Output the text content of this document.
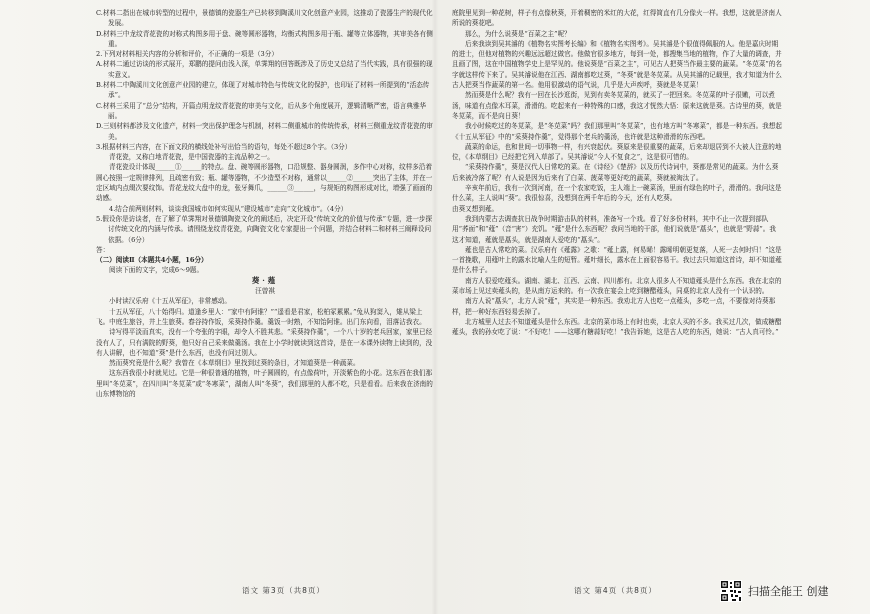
C.材料二指出在城市转型的过程中，景德镇的瓷器生产已转移到陶溪川文化创意产业园，这推动了瓷器生产的现代化发展。

D.材料三中龙纹青花瓷的对称式构图多用于盘、碗等圆形器物，均衡式构图多用于瓶、罐等立体器物，其审美各有侧重。

2.下列对材料相关内容的分析和评价，不正确的一项是（3分）

A.材料二通过访谈的形式展开，郑鹏的提问由浅入深，单霁翔的回答既涉及了历史又总结了当代实践，具有很强的现实意义。

B.材料二中陶溪川文化创意产业园的建立，体现了对城市特色与传统文化的保护，也印证了材料一所提到的“活态传承”。

C.材料三采用了“总分”结构，开篇点明龙纹青花瓷的审美与文化，后从多个角度展开，逻辑清晰严密，语言典雅华丽。

D.三则材料都涉及文化遗产，材料一突出保护理念与机制，材料二侧重城市的传统传承，材料三侧重龙纹青花瓷的审美。

3.根据材料三内容，在下面文段的横线处补写出恰当的语句，每处不超过8个字。（3分）

青花瓷，又称白地青花瓷，是中国瓷器的主流品种之一。

青花瓷设计体现______①______的特点。盘、碗等圆形器物，口沿规整、器身圆润，多作中心对称，纹样多沿着圆心按照一定规律排列，且疏密有致；瓶、罐等器物，不少造型不对称，通常以______②______突出了主体，并在一定区域内点缀次要纹饰。青花龙纹大盘中的龙，张牙舞爪，______③______，与规矩的构图形成对比，增强了画面的动感。

4.结合前两则材料，谈谈我国城市如何实现从“建设城市”走向“文化城市”。（4分）

5.假设你是访谈者，在了解了单霁翔对景德镇陶瓷文化的阐述后，决定开设“传统文化的价值与传承”专题，进一步探讨传统文化的内涵与传承。请围绕龙纹青花瓷，向陶瓷文化专家提出一个问题，并结合材料二和材料三阐释设问依据。（6分）

答：

（二）阅读Ⅱ（本题共4小题，16分）

阅读下面的文字，完成6～9题。

葵·薤

汪曾祺

小时读汉乐府《十五从军征》，非常感动。

十五从军征，八十始得归。道逢乡里人：“家中有阿谁？”“遥看是君家，松柏冢累累。”兔从狗窦入，雉从梁上飞。中庭生旅谷，井上生旅葵。舂谷持作饭，采葵持作羹。羹饭一时熟，不知饴阿谁。出门东向看，泪落沾我衣。

诗写得平淡而真实，没有一个夸张的字眼，却令人不胜其悲。“采葵持作羹”，一个八十岁的老兵回家，家里已经没有人了，只有满院的野葵，他只好自己采来做羹汤。我在上小学时就读到这首诗，是在一本课外读物上读到的，没有人讲解，也不知道“葵”是什么东西，也没有问过别人。

然而葵究竟是什么呢？我曾在《本草纲目》里找到过葵的条目，才知道葵是一种蔬菜。

这东西我很小时就见过。它是一种很普通的植物，叶子圆圆的，有点像荷叶，开淡紫色的小花。这东西在我们那里叫“冬苋菜”，在四川叫“冬苋菜”或“冬寒菜”，湖南人叫“冬葵”，我们那里的人都不吃，只是看看。后来我在济南的山东博物馆的

庭院里见到一种花树，样子有点像秋葵，开着稠密的米红的大花，红得简直有几分像火一样。我想，这就是济南人所说的葵花吧。

那么，为什么说葵是“百菜之主”呢？

后来我读到吴其濬的《植物名实图考长编》和《植物名实图考》。吴其濬是个很值得佩服的人。他是嘉庆时期的进士，但他对植物的兴趣远远超过做官。他做官很多地方，每到一处，都搜集当地的植物，作了大量的调查，并且画了图，这在中国植物学史上是罕见的。他说葵是“百菜之主”，可见古人把葵当作最主要的蔬菜。“冬苋菜”的名字就这样传下来了。吴其濬说他在江西、湖南都吃过葵，“冬葵”就是冬苋菜。从吴其濬的记载里，我才知道为什么古人把葵当作蔬菜的第一名。他用很激动的语气说，几乎是大声疾呼，葵就是冬苋菜！

然而葵是什么呢？我有一回在长沙逛街，见到有卖冬苋菜的，就买了一把回来。冬苋菜的叶子很嫩，可以煮汤，味道有点像木耳菜，滑滑的。吃起来有一种特殊的口感，我这才恍然大悟：原来这就是葵。古诗里的葵，就是冬苋菜，而不是向日葵！

我小时候吃过的冬苋菜，是“冬苋菜”吗？我们那里叫“冬苋菜”，也有地方叫“冬寒菜”，都是一种东西。我想起《十五从军征》中的“采葵持作羹”，觉得那个老兵的羹汤，也许就是这种滑滑的东西吧。

蔬菜的命运，也和世间一切事物一样，有兴衰起伏。葵原来是很重要的蔬菜，后来却退居到不大被人注意的地位，《本草纲目》已经把它列入草部了。吴其濬说“今人不复食之”，这是很可惜的。

“采葵持作羹”，葵是汉代人日常吃的菜。在《诗经》《楚辞》以及历代诗词中，葵都是常见的蔬菜。为什么葵后来被冷落了呢？有人说是因为后来有了白菜、菠菜等更好吃的蔬菜，葵就被淘汰了。

辛亥年前后，我有一次到河南，在一个农家吃饭，主人端上一碗菜汤，里面有绿色的叶子，滑滑的。我问这是什么菜，主人说叫“葵”。我很惊喜，没想到在两千年后的今天，还有人吃葵。

由葵又想到薤。

我到内蒙古去调查抗日战争时期游击队的材料，准备写一个戏。看了好多份材料，其中不止一次提到部队用“荞面”和“薤”（音“害”）充饥。“薤”是什么东西呢？我问当地的干部，他们说就是“藠头”，也就是“野蒜”。我这才知道，薤就是藠头，就是湖南人爱吃的“藠头”。

薤也是古人常吃的菜。汉乐府有《薤露》之歌：“薤上露，何易晞！露晞明朝更复落，人死一去何时归！”这是一首挽歌，用薤叶上的露水比喻人生的短暂。薤叶细长，露水在上面很容易干。我过去只知道这首诗，却不知道薤是什么样子。

南方人很爱吃薤头。湖南、湖北、江西、云南、四川都有。北京人很多人不知道薤头是什么东西。我在北京的菜市场上见过卖薤头的，是从南方运来的。有一次我在宴会上吃到糖醋薤头，同桌的北京人没有一个认识的。

南方人说“藠头”，北方人说“薤”，其实是一种东西。我劝北方人也吃一点薤头，多吃一点，不要像对待葵那样，把一种好东西轻易丢掉了。

北方城里人过去不知道薤头是什么东西。北京的菜市场上有时也卖，北京人买的不多。我买过几次，做成糖醋薤头，我的孙女吃了说：“不好吃！——这哪有糖蒜好吃！”我告诉她，这是古人吃的东西，她说：“古人真可怜。”

语文 第3页（共8页）	语文 第4页（共8页）	扫描全能王 创建
